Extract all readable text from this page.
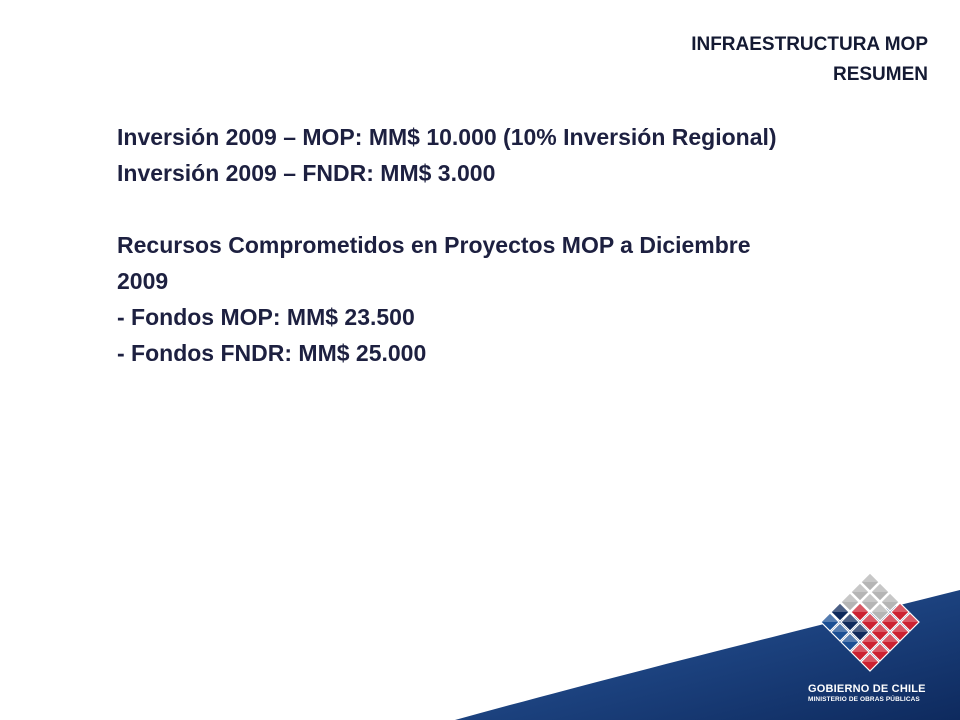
INFRAESTRUCTURA MOP
RESUMEN

Inversión 2009 – MOP: MM$ 10.000 (10% Inversión Regional)

Inversión 2009 – FNDR: MM$ 3.000

Recursos Comprometidos en Proyectos MOP a Diciembre

2009

- Fondos MOP: MM$ 23.500

- Fondos FNDR: MM$ 25.000

GOBIERNO DE CHILE
MINISTERIO DE OBRAS PÚBLICAS
